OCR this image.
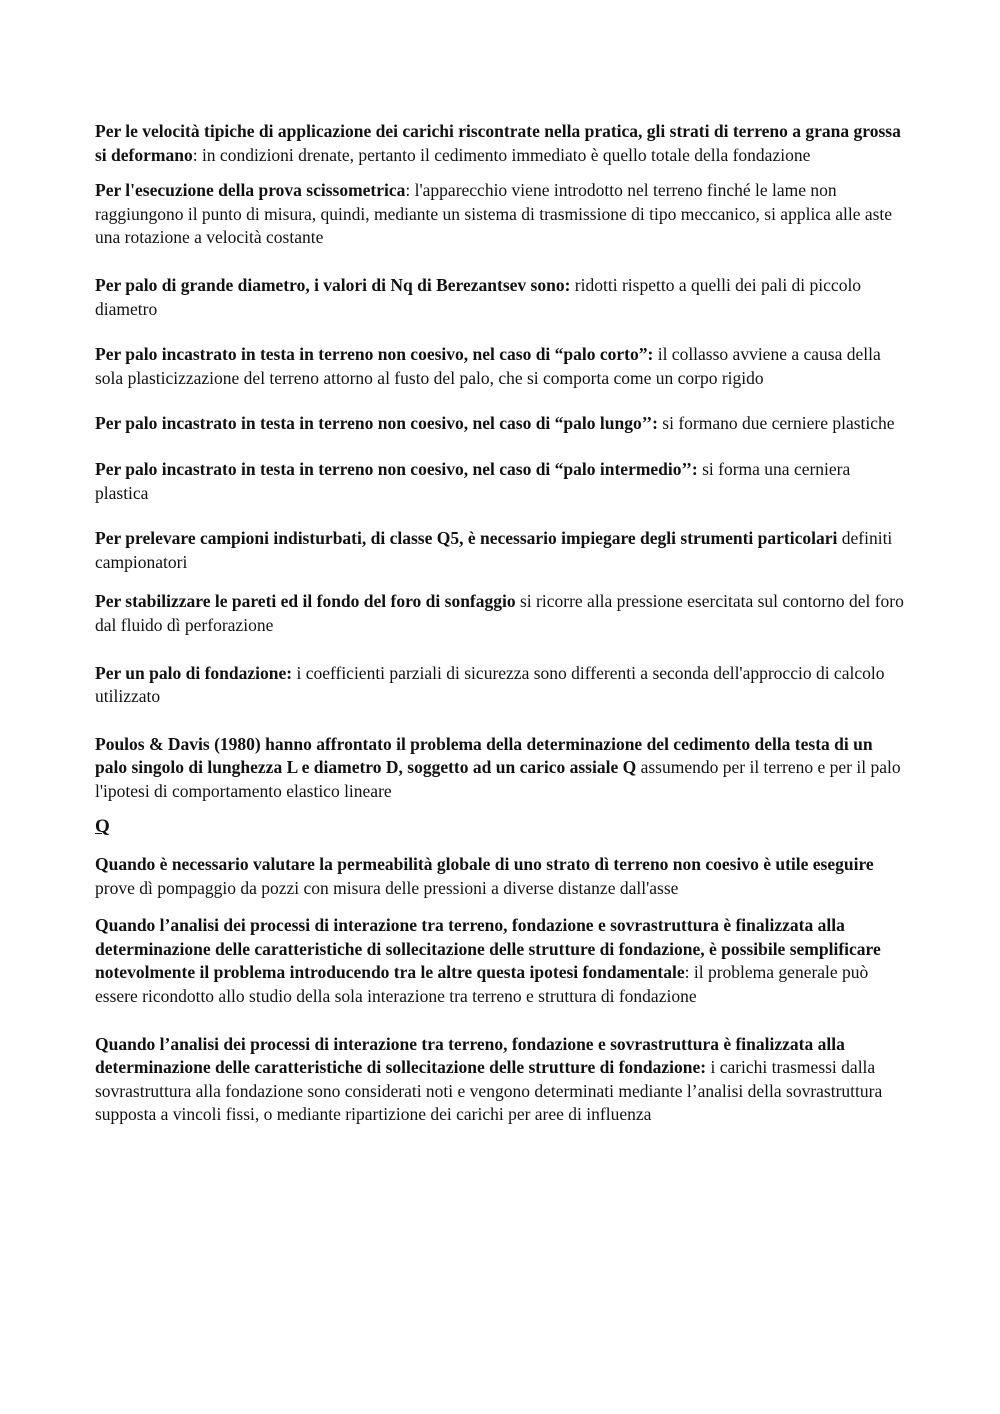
Per le velocità tipiche di applicazione dei carichi riscontrate nella pratica, gli strati di terreno a grana grossa si deformano: in condizioni drenate, pertanto il cedimento immediato è quello totale della fondazione

Per l'esecuzione della prova scissometrica: l'apparecchio viene introdotto nel terreno finché le lame non raggiungono il punto di misura, quindi, mediante un sistema di trasmissione di tipo meccanico, si applica alle aste una rotazione a velocità costante

Per palo di grande diametro, i valori di Nq di Berezantsev sono: ridotti rispetto a quelli dei pali di piccolo diametro

Per palo incastrato in testa in terreno non coesivo, nel caso di “palo corto”: il collasso avviene a causa della sola plasticizzazione del terreno attorno al fusto del palo, che si comporta come un corpo rigido

Per palo incastrato in testa in terreno non coesivo, nel caso di “palo lungo’’: si formano due cerniere plastiche

Per palo incastrato in testa in terreno non coesivo, nel caso di “palo intermedio’’: si forma una cerniera plastica

Per prelevare campioni indisturbati, di classe Q5, è necessario impiegare degli strumenti particolari definiti campionatori

Per stabilizzare le pareti ed il fondo del foro di sonfaggio si ricorre alla pressione esercitata sul contorno del foro dal fluido dì perforazione

Per un palo di fondazione: i coefficienti parziali di sicurezza sono differenti a seconda dell'approccio di calcolo utilizzato

Poulos & Davis (1980) hanno affrontato il problema della determinazione del cedimento della testa di un palo singolo di lunghezza L e diametro D, soggetto ad un carico assiale Q assumendo per il terreno e per il palo l'ipotesi di comportamento elastico lineare

Q

Quando è necessario valutare la permeabilità globale di uno strato dì terreno non coesivo è utile eseguire prove dì pompaggio da pozzi con misura delle pressioni a diverse distanze dall'asse

Quando l’analisi dei processi di interazione tra terreno, fondazione e sovrastruttura è finalizzata alla determinazione delle caratteristiche di sollecitazione delle strutture di fondazione, è possibile semplificare notevolmente il problema introducendo tra le altre questa ipotesi fondamentale: il problema generale può essere ricondotto allo studio della sola interazione tra terreno e struttura di fondazione

Quando l’analisi dei processi di interazione tra terreno, fondazione e sovrastruttura è finalizzata alla determinazione delle caratteristiche di sollecitazione delle strutture di fondazione: i carichi trasmessi dalla sovrastruttura alla fondazione sono considerati noti e vengono determinati mediante l’analisi della sovrastruttura supposta a vincoli fissi, o mediante ripartizione dei carichi per aree di influenza
